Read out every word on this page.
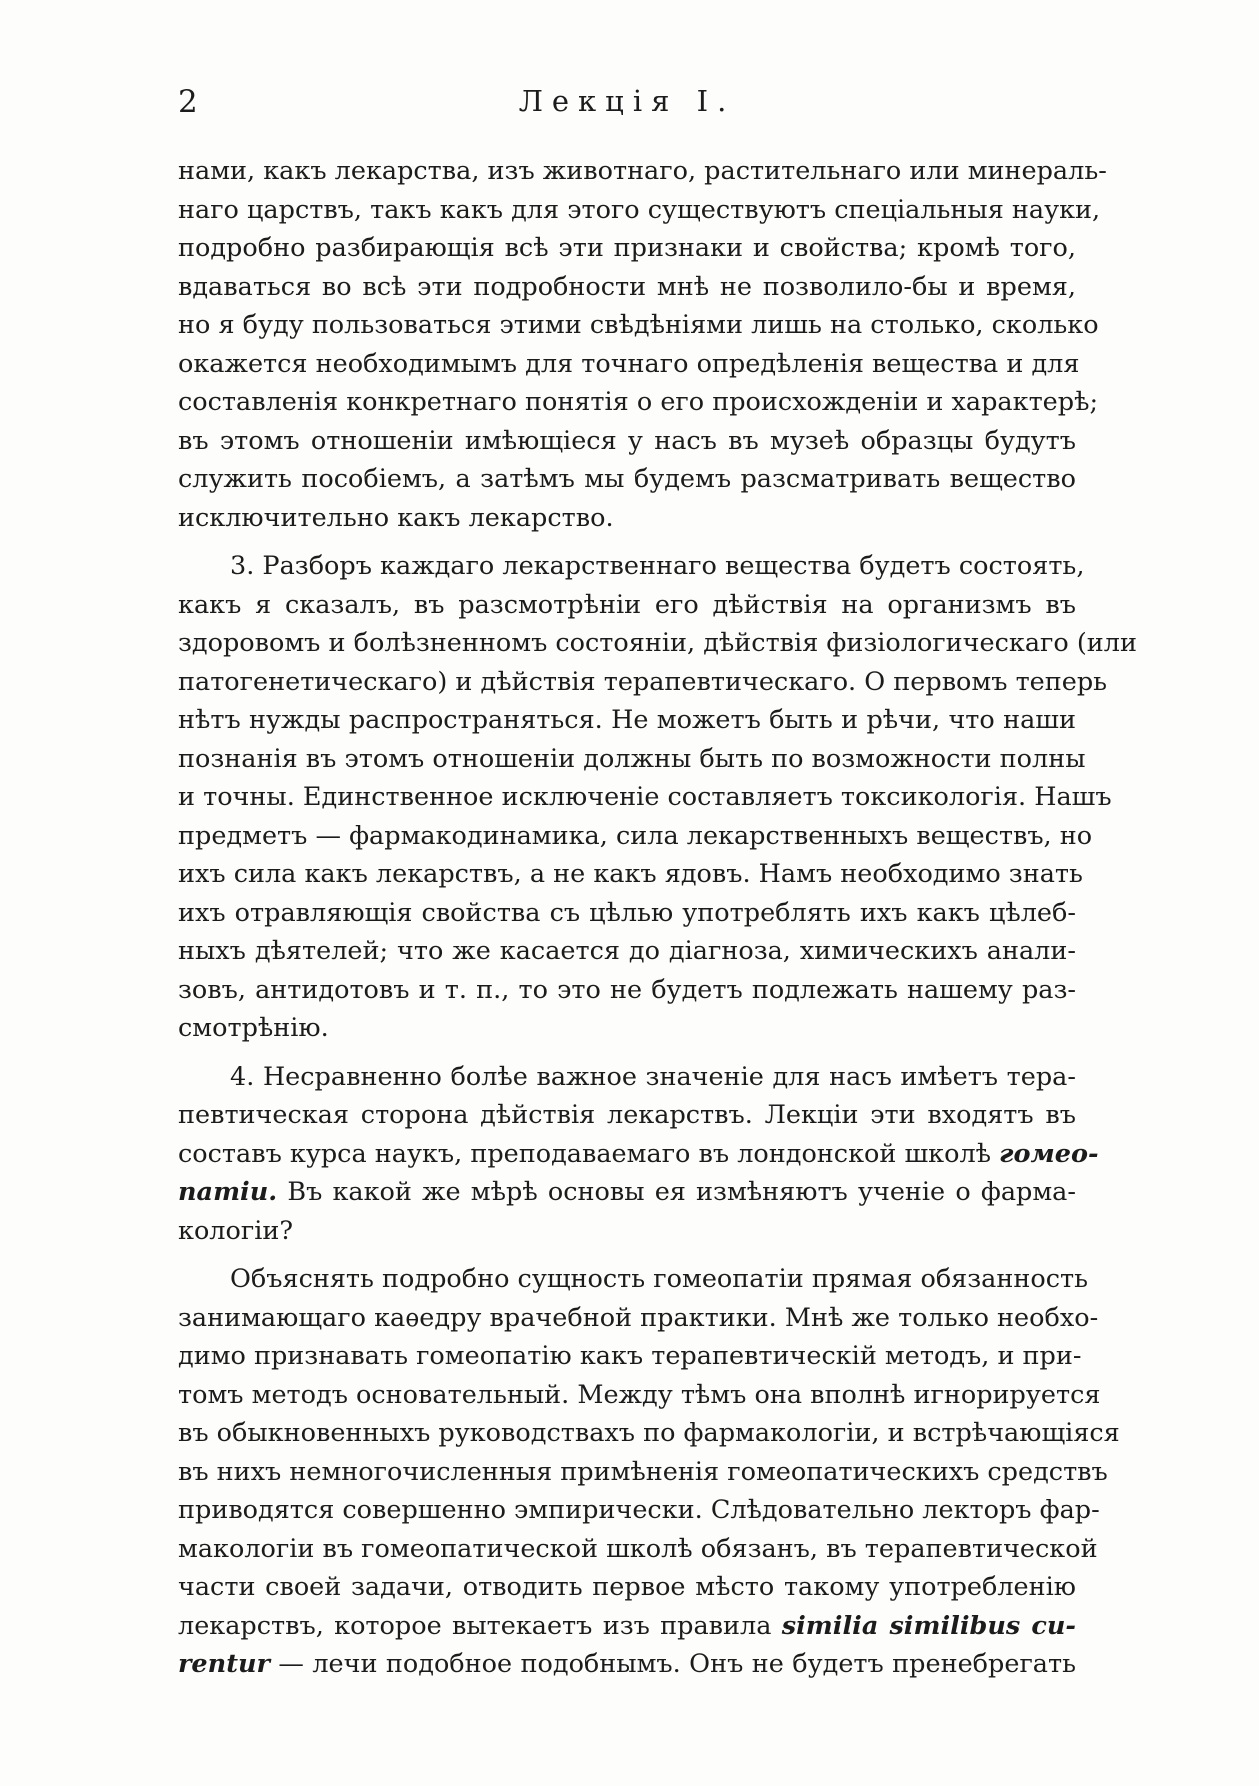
2	Лекція I.
нами, какъ лекарства, изъ животнаго, растительнаго или минераль-
наго царствъ, такъ какъ для этого существуютъ спеціальныя науки,
подробно разбирающія всѣ эти признаки и свойства; кромѣ того,
вдаваться во всѣ эти подробности мнѣ не позволило-бы и время,
но я буду пользоваться этими свѣдѣніями лишь на столько, сколько
окажется необходимымъ для точнаго опредѣленія вещества и для
составленія конкретнаго понятія о его происхожденіи и характерѣ;
въ этомъ отношеніи имѣющіеся у насъ въ музеѣ образцы будутъ
служить пособіемъ, а затѣмъ мы будемъ разсматривать вещество
исключительно какъ лекарство.
3. Разборъ каждаго лекарственнаго вещества будетъ состоять,
какъ я сказалъ, въ разсмотрѣніи его дѣйствія на организмъ въ
здоровомъ и болѣзненномъ состояніи, дѣйствія физіологическаго (или
патогенетическаго) и дѣйствія терапевтическаго. О первомъ теперь
нѣтъ нужды распространяться. Не можетъ быть и рѣчи, что наши
познанія въ этомъ отношеніи должны быть по возможности полны
и точны. Единственное исключеніе составляетъ токсикологія. Нашъ
предметъ — фармакодинамика, сила лекарственныхъ веществъ, но
ихъ сила какъ лекарствъ, а не какъ ядовъ. Намъ необходимо знать
ихъ отравляющія свойства съ цѣлью употреблять ихъ какъ цѣлеб-
ныхъ дѣятелей; что же касается до діагноза, химическихъ анали-
зовъ, антидотовъ и т. п., то это не будетъ подлежать нашему раз-
смотрѣнію.
4. Несравненно болѣе важное значеніе для насъ имѣетъ тера-
певтическая сторона дѣйствія лекарствъ. Лекціи эти входятъ въ
составъ курса наукъ, преподаваемаго въ лондонской школѣ гомео-
патіи. Въ какой же мѣрѣ основы ея измѣняютъ ученіе о фарма-
кологіи?
Объяснять подробно сущность гомеопатіи прямая обязанность
занимающаго каѳедру врачебной практики. Мнѣ же только необхо-
димо признавать гомеопатію какъ терапевтическій методъ, и при-
томъ методъ основательный. Между тѣмъ она вполнѣ игнорируется
въ обыкновенныхъ руководствахъ по фармакологіи, и встрѣчающіяся
въ нихъ немногочисленныя примѣненія гомеопатическихъ средствъ
приводятся совершенно эмпирически. Слѣдовательно лекторъ фар-
макологіи въ гомеопатической школѣ обязанъ, въ терапевтической
части своей задачи, отводить первое мѣсто такому употребленію
лекарствъ, которое вытекаетъ изъ правила similia similibus cu-
rentur — лечи подобное подобнымъ. Онъ не будетъ пренебрегать
